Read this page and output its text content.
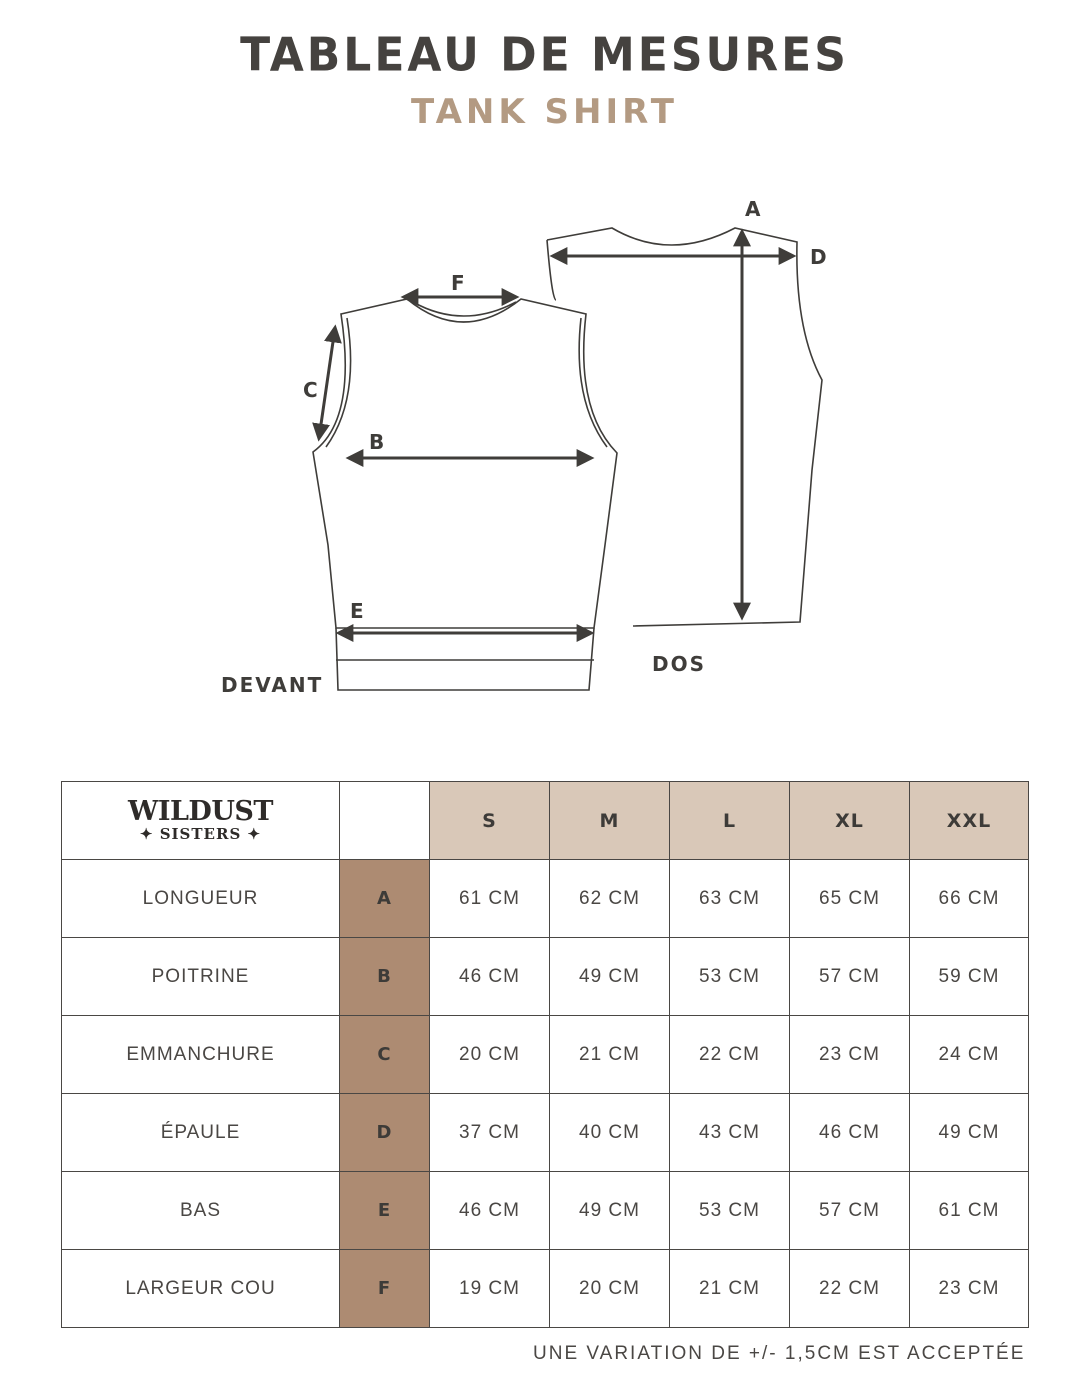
TABLEAU DE MESURES
TANK SHIRT
A
D
F
C
B
E
DOS
DEVANT
WILDUST
✦ SISTERS ✦		S	M	L	XL	XXL
LONGUEUR	A	61 CM	62 CM	63 CM	65 CM	66 CM
POITRINE	B	46 CM	49 CM	53 CM	57 CM	59 CM
EMMANCHURE	C	20 CM	21 CM	22 CM	23 CM	24 CM
ÉPAULE	D	37 CM	40 CM	43 CM	46 CM	49 CM
BAS	E	46 CM	49 CM	53 CM	57 CM	61 CM
LARGEUR COU	F	19 CM	20 CM	21 CM	22 CM	23 CM
UNE VARIATION DE +/- 1,5CM EST ACCEPTÉE
